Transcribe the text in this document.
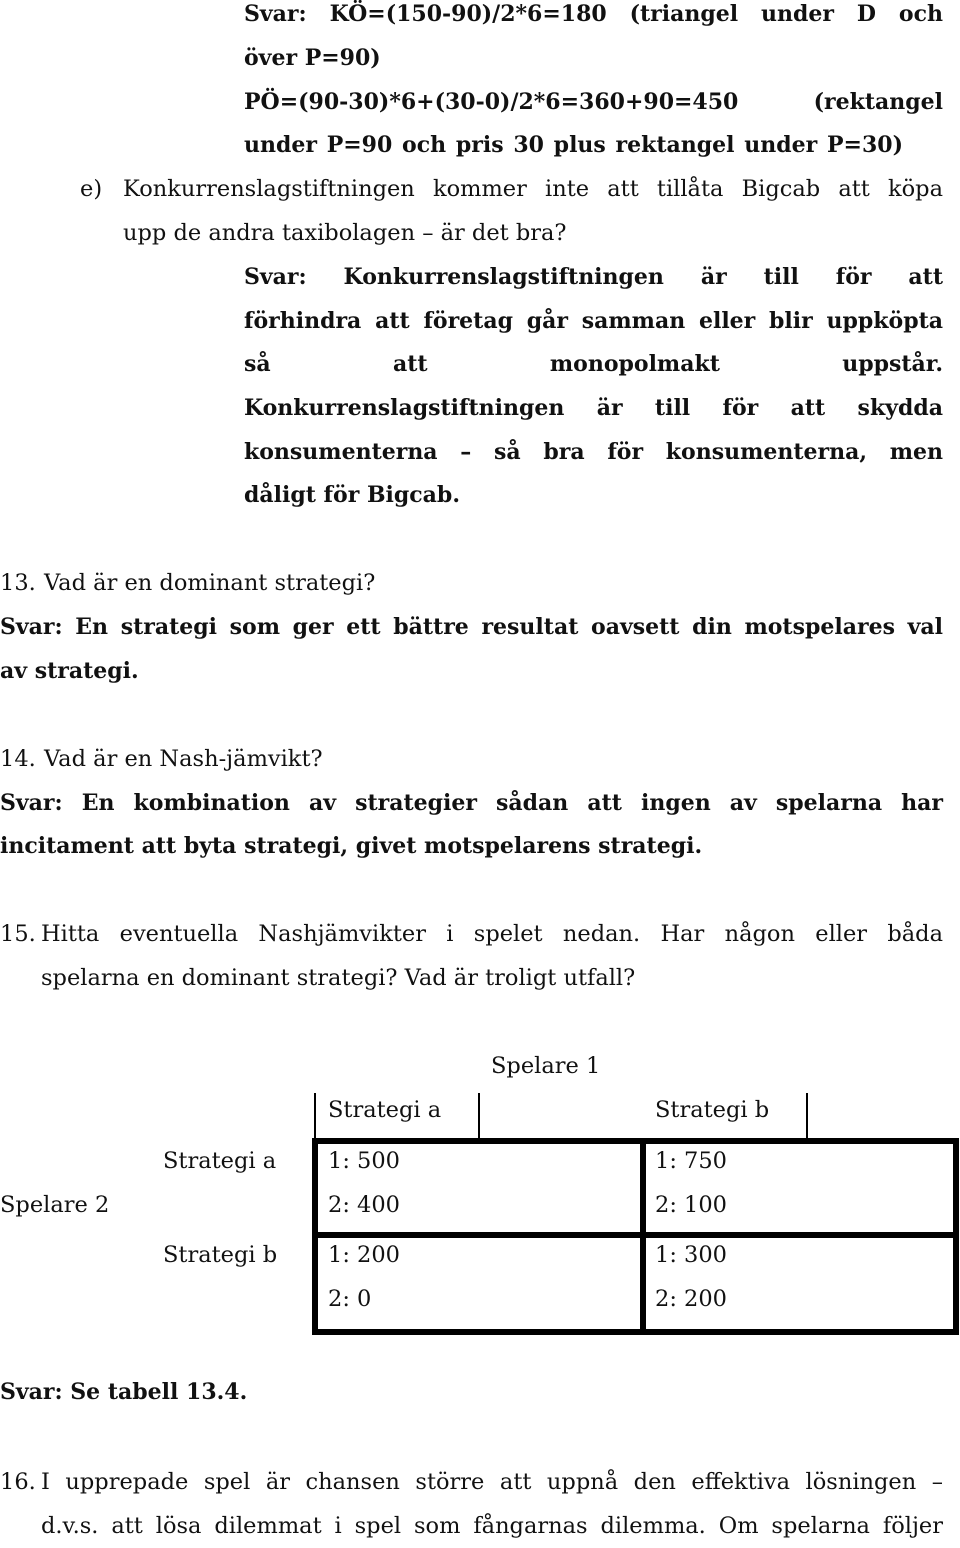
Svar: KÖ=(150-90)/2*6=180 (triangel under D och
över P=90)
PÖ=(90-30)*6+(30-0)/2*6=360+90=450 (rektangel
under P=90 och pris 30 plus rektangel under P=30)
e) Konkurrenslagstiftningen kommer inte att tillåta Bigcab att köpa
upp de andra taxibolagen – är det bra?
Svar: Konkurrenslagstiftningen är till för att
förhindra att företag går samman eller blir uppköpta
så att monopolmakt uppstår.
Konkurrenslagstiftningen är till för att skydda
konsumenterna – så bra för konsumenterna, men
dåligt för Bigcab.
13. Vad är en dominant strategi?
Svar: En strategi som ger ett bättre resultat oavsett din motspelares val
av strategi.
14. Vad är en Nash-jämvikt?
Svar: En kombination av strategier sådan att ingen av spelarna har
incitament att byta strategi, givet motspelarens strategi.
15. Hitta eventuella Nashjämvikter i spelet nedan. Har någon eller båda
spelarna en dominant strategi? Vad är troligt utfall?
Spelare 1
Strategi a	Strategi b
Spelare 2
Strategi a
Strategi b
1: 500
2: 400
1: 750
2: 100
1: 200
2: 0
1: 300
2: 200
Svar: Se tabell 13.4.
16. I upprepade spel är chansen större att uppnå den effektiva lösningen –
d.v.s. att lösa dilemmat i spel som fångarnas dilemma. Om spelarna följer
